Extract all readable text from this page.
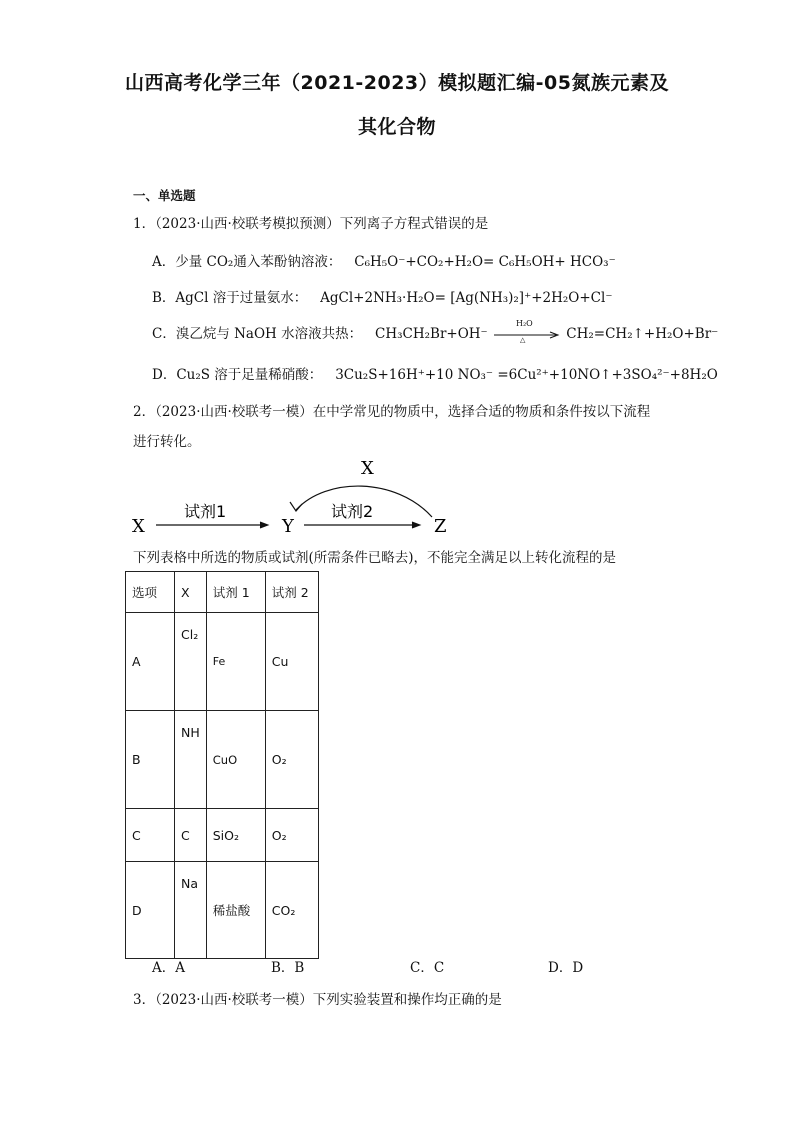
山西高考化学三年（2021-2023）模拟题汇编-05氮族元素及
其化合物
一、单选题
1．（2023·山西·校联考模拟预测）下列离子方程式错误的是
A．少量 CO₂通入苯酚钠溶液： C₆H₅O⁻+CO₂+H₂O= C₆H₅OH+ HCO₃⁻
B．AgCl 溶于过量氨水： AgCl+2NH₃·H₂O= [Ag(NH₃)₂]⁺+2H₂O+Cl⁻
C．溴乙烷与 NaOH 水溶液共热： CH₃CH₂Br+OH⁻
H₂O
△	CH₂=CH₂↑+H₂O+Br⁻
D．Cu₂S 溶于足量稀硝酸： 3Cu₂S+16H⁺+10 NO₃⁻ =6Cu²⁺+10NO↑+3SO₄²⁻+8H₂O
2．（2023·山西·校联考一模）在中学常见的物质中，选择合适的物质和条件按以下流程
进行转化。
X
X
试剂1
Y
试剂2
Z
下列表格中所选的物质或试剂(所需条件已略去)，不能完全满足以上转化流程的是
选项	X	试剂 1	试剂 2
A	Cl₂	Fe	Cu
B	NH	CuO	O₂
C	C	SiO₂	O₂
D	Na	稀盐酸	CO₂
A．A	B．B	C．C	D．D
3．（2023·山西·校联考一模）下列实验装置和操作均正确的是
